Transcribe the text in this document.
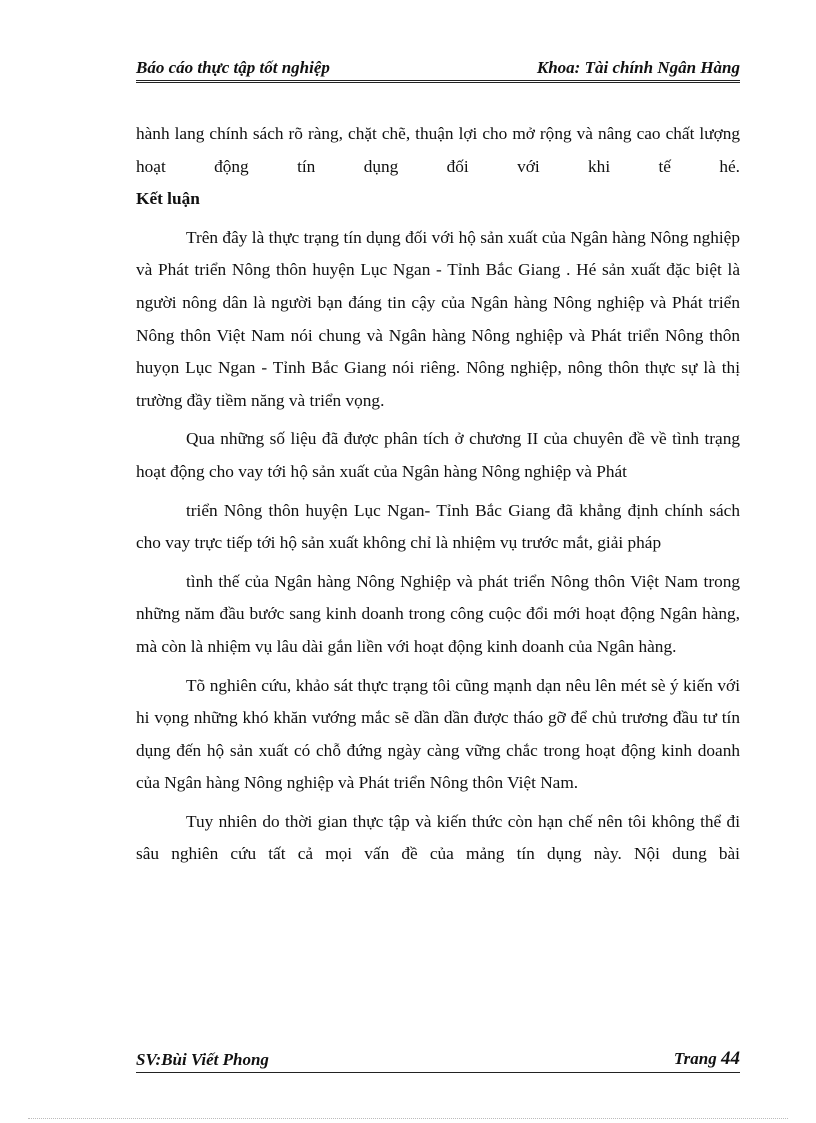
Báo cáo thực tập tốt nghiệp	Khoa: Tài chính Ngân Hàng

hành lang chính sách rõ ràng, chặt chẽ, thuận lợi cho mở rộng và nâng cao chất lượng hoạt động tín dụng đối với khi tế hé.

Kết luận

Trên đây là thực trạng tín dụng đối với hộ sản xuất của Ngân hàng Nông nghiệp và Phát triển Nông thôn huyện Lục Ngan - Tỉnh Bắc Giang . Hé sản xuất đặc biệt là người nông dân là người bạn đáng tin cậy của Ngân hàng Nông nghiệp và Phát triển Nông thôn Việt Nam nói chung và Ngân hàng Nông nghiệp và Phát triển Nông thôn huyọn Lục Ngan - Tỉnh Bắc Giang nói riêng. Nông nghiệp, nông thôn thực sự là thị trường đầy tiềm năng và triển vọng.

Qua những số liệu đã được phân tích ở chương II của chuyên đề về tình trạng hoạt động cho vay tới hộ sản xuất của Ngân hàng Nông nghiệp và Phát

triển Nông thôn huyện Lục Ngan- Tỉnh Bắc Giang đã khẳng định chính sách cho vay trực tiếp tới hộ sản xuất không chỉ là nhiệm vụ trước mắt, giải pháp

tình thế của Ngân hàng Nông Nghiệp và phát triển Nông thôn Việt Nam trong những năm đầu bước sang kinh doanh trong công cuộc đổi mới hoạt động Ngân hàng, mà còn là nhiệm vụ lâu dài gắn liền với hoạt động kinh doanh của Ngân hàng.

Tõ nghiên cứu, khảo sát thực trạng tôi cũng mạnh dạn nêu lên mét sè ý kiến với hi vọng những khó khăn vướng mắc sẽ dần dần được tháo gỡ để chủ trương đầu tư tín dụng đến hộ sản xuất có chỗ đứng ngày càng vững chắc trong hoạt động kinh doanh của Ngân hàng Nông nghiệp và Phát triển Nông thôn Việt Nam.

Tuy nhiên do thời gian thực tập và kiến thức còn hạn chế nên tôi không thể đi sâu nghiên cứu tất cả mọi vấn đề của mảng tín dụng này. Nội dung bài

SV:Bùi Viết Phong	Trang 44
